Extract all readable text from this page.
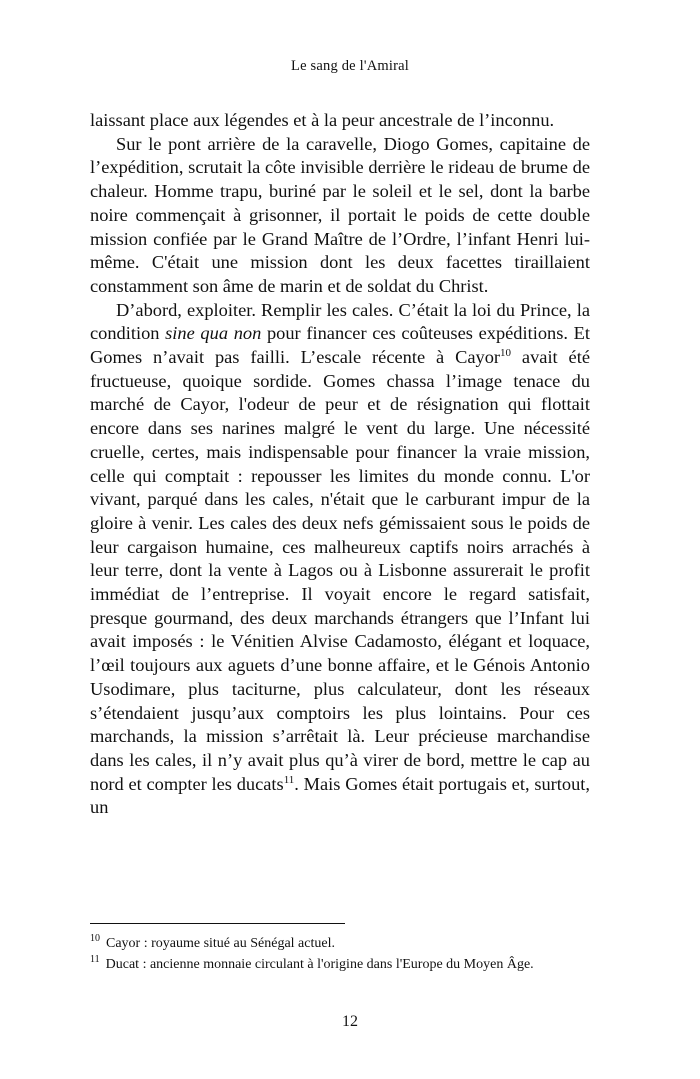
Le sang de l'Amiral

laissant place aux légendes et à la peur ancestrale de l’inconnu.

Sur le pont arrière de la caravelle, Diogo Gomes, capitaine de l’expédition, scrutait la côte invisible derrière le rideau de brume de chaleur. Homme trapu, buriné par le soleil et le sel, dont la barbe noire commençait à grisonner, il portait le poids de cette double mission confiée par le Grand Maître de l’Ordre, l’infant Henri lui-même. C'était une mission dont les deux facettes tiraillaient constamment son âme de marin et de soldat du Christ.

D’abord, exploiter. Remplir les cales. C’était la loi du Prince, la condition sine qua non pour financer ces coûteuses expéditions. Et Gomes n’avait pas failli. L’escale récente à Cayor$^{10}$ avait été fructueuse, quoique sordide. Gomes chassa l’image tenace du marché de Cayor, l'odeur de peur et de résignation qui flottait encore dans ses narines malgré le vent du large. Une nécessité cruelle, certes, mais indispensable pour financer la vraie mission, celle qui comptait : repousser les limites du monde connu. L'or vivant, parqué dans les cales, n'était que le carburant impur de la gloire à venir. Les cales des deux nefs gémissaient sous le poids de leur cargaison humaine, ces malheureux captifs noirs arrachés à leur terre, dont la vente à Lagos ou à Lisbonne assurerait le profit immédiat de l’entreprise. Il voyait encore le regard satisfait, presque gourmand, des deux marchands étrangers que l’Infant lui avait imposés : le Vénitien Alvise Cadamosto, élégant et loquace, l’œil toujours aux aguets d’une bonne affaire, et le Génois Antonio Usodimare, plus taciturne, plus calculateur, dont les réseaux s’étendaient jusqu’aux comptoirs les plus lointains. Pour ces marchands, la mission s’arrêtait là. Leur précieuse marchandise dans les cales, il n’y avait plus qu’à virer de bord, mettre le cap au nord et compter les ducats$^{11}$. Mais Gomes était portugais et, surtout, un

$^{10}$ Cayor : royaume situé au Sénégal actuel.

$^{11}$ Ducat : ancienne monnaie circulant à l'origine dans l'Europe du Moyen Âge.

12
